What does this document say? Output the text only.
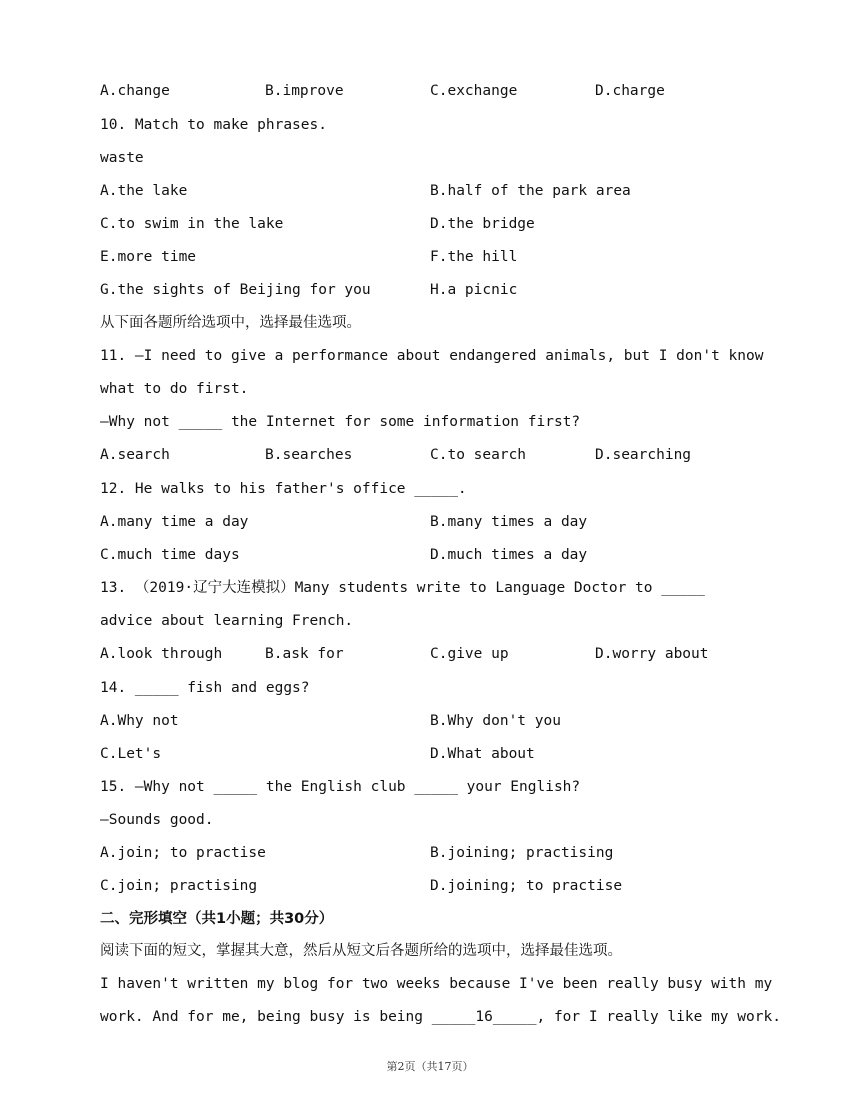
A.change	B.improve	C.exchange	D.charge
10. Match to make phrases.
waste
A.the lake	B.half of the park area
C.to swim in the lake	D.the bridge
E.more time	F.the hill
G.the sights of Beijing for you	H.a picnic
从下面各题所给选项中，选择最佳选项。
11. —I need to give a performance about endangered animals, but I don't know
what to do first.
—Why not _____ the Internet for some information first?
A.search	B.searches	C.to search	D.searching
12. He walks to his father's office _____.
A.many time a day	B.many times a day
C.much time days	D.much times a day
13. （2019·辽宁大连模拟）Many students write to Language Doctor to _____
advice about learning French.
A.look through	B.ask for	C.give up	D.worry about
14. _____ fish and eggs?
A.Why not	B.Why don't you
C.Let's	D.What about
15. —Why not _____ the English club _____ your English?
—Sounds good.
A.join; to practise	B.joining; practising
C.join; practising	D.joining; to practise
二、完形填空（共1小题；共30分）
阅读下面的短文，掌握其大意，然后从短文后各题所给的选项中，选择最佳选项。
I haven't written my blog for two weeks because I've been really busy with my
work. And for me, being busy is being _____16_____, for I really like my work.
第2页（共17页）
